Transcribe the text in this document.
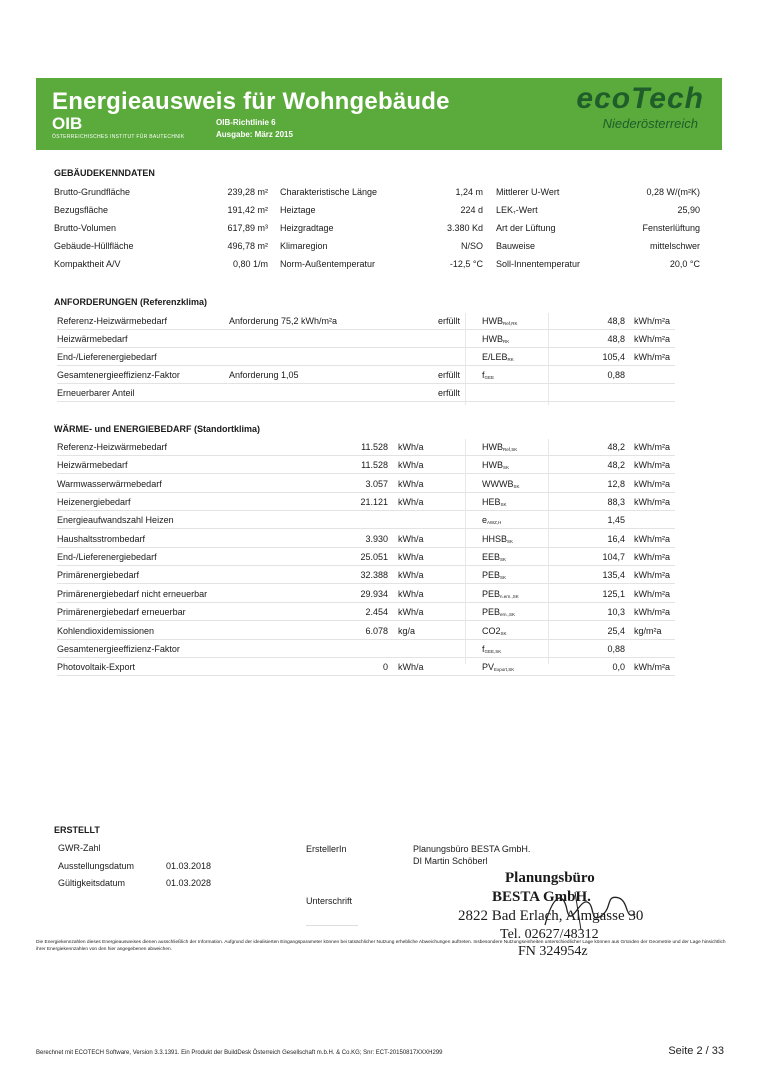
Energieausweis für Wohngebäude
OIB
ÖSTERREICHISCHES INSTITUT FÜR BAUTECHNIK
OIB-Richtlinie 6
Ausgabe: März 2015
ecoTech
Niederösterreich
GEBÄUDEKENNDATEN
Brutto-Grundfläche	239,28 m² Charakteristische Länge	1,24 m Mittlerer U-Wert	0,28 W/(m²K)
Bezugsfläche	191,42 m² Heiztage	224 d $LEK_T$-Wert	25,90
Brutto-Volumen	617,89 m³ Heizgradtage	3.380 Kd Art der Lüftung	Fensterlüftung
Gebäude-Hüllfläche	496,78 m² Klimaregion	N/SO Bauweise	mittelschwer
Kompaktheit A/V	0,80 1/m Norm-Außentemperatur	-12,5 °C Soll-Innentemperatur	20,0 °C
ANFORDERUNGEN (Referenzklima)
Referenz-Heizwärmebedarf	Anforderung 75,2 kWh/m²a	erfüllt $HWB_{Ref,RK}$	48,8 kWh/m²a
Heizwärmebedarf	$HWB_{RK}$	48,8 kWh/m²a
End-/Lieferenergiebedarf	$E/LEB_{RK}$	105,4 kWh/m²a
Gesamtenergieeffizienz-Faktor	Anforderung 1,05	erfüllt $f_{GEE}$	0,88
Erneuerbarer Anteil	erfüllt
WÄRME- und ENERGIEBEDARF (Standortklima)
Referenz-Heizwärmebedarf	11.528 kWh/a	$HWB_{Ref,SK}$	48,2 kWh/m²a
Heizwärmebedarf	11.528 kWh/a	$HWB_{SK}$	48,2 kWh/m²a
Warmwasserwärmebedarf	3.057 kWh/a	$WWWB_{SK}$	12,8 kWh/m²a
Heizenergiebedarf	21.121 kWh/a	$HEB_{SK}$	88,3 kWh/m²a
Energieaufwandszahl Heizen	$e_{AWZ,H}$	1,45
Haushaltsstrombedarf	3.930 kWh/a	$HHSB_{SK}$	16,4 kWh/m²a
End-/Lieferenergiebedarf	25.051 kWh/a	$EEB_{SK}$	104,7 kWh/m²a
Primärenergiebedarf	32.388 kWh/a	$PEB_{SK}$	135,4 kWh/m²a
Primärenergiebedarf nicht erneuerbar	29.934 kWh/a	$PEB_{n.ern.,SK}$	125,1 kWh/m²a
Primärenergiebedarf erneuerbar	2.454 kWh/a	$PEB_{ern.,SK}$	10,3 kWh/m²a
Kohlendioxidemissionen	6.078 kg/a	$CO2_{SK}$	25,4 kg/m²a
Gesamtenergieeffizienz-Faktor	$f_{GEE,SK}$	0,88
Photovoltaik-Export	0 kWh/a	$PV_{Export,SK}$	0,0 kWh/m²a
ERSTELLT
GWR-Zahl
Ausstellungsdatum	01.03.2018
Gültigkeitsdatum	01.03.2028
ErstellerIn	Planungsbüro BESTA GmbH.
DI Martin Schöberl
Unterschrift
Planungsbüro
BESTA GmbH.
2822 Bad Erlach, Almgasse 30
Tel. 02627/48312
FN 324954z
Die Energiekennzahlen dieses Energieausweises dienen ausschließlich der Information. Aufgrund der idealisierten Eingangsparameter können bei tatsächlicher Nutzung erhebliche Abweichungen auftreten. Insbesondere Nutzungseinheiten unterschiedlicher Lage können aus Gründen der Geometrie und der Lage hinsichtlich ihrer Energiekennzahlen von den hier angegebenen abweichen.
Berechnet mit ECOTECH Software, Version 3.3.1391. Ein Produkt der BuildDesk Österreich Gesellschaft m.b.H. & Co.KG; Snr: ECT-20150817XXXH299	Seite 2 / 33
